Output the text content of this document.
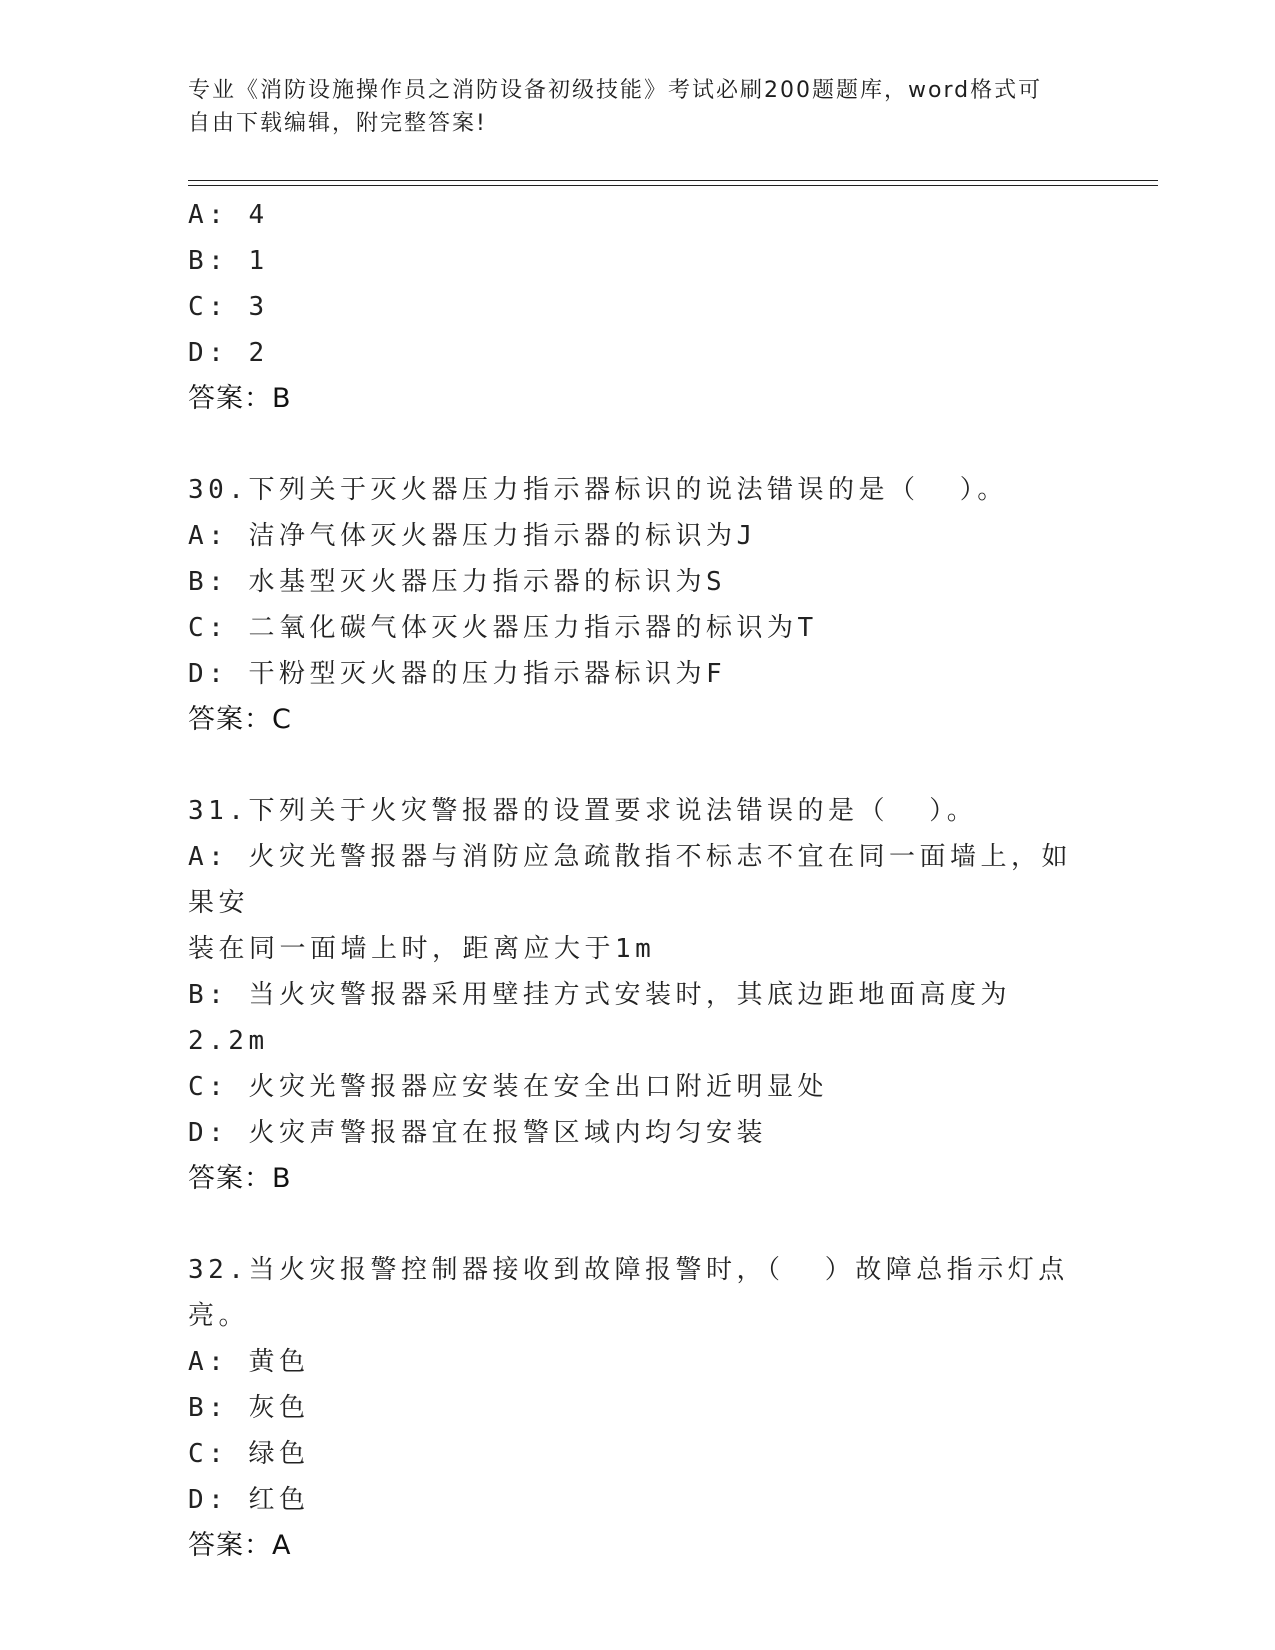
专业《消防设施操作员之消防设备初级技能》考试必刷200题题库，word格式可
自由下载编辑，附完整答案!
A: 4
B: 1
C: 3
D: 2
答案：B
30.下列关于灭火器压力指示器标识的说法错误的是（  ）。
A: 洁净气体灭火器压力指示器的标识为J
B: 水基型灭火器压力指示器的标识为S
C: 二氧化碳气体灭火器压力指示器的标识为T
D: 干粉型灭火器的压力指示器标识为F
答案：C
31.下列关于火灾警报器的设置要求说法错误的是（  ）。
A: 火灾光警报器与消防应急疏散指不标志不宜在同一面墙上，如果安
装在同一面墙上时，距离应大于1m
B: 当火灾警报器采用壁挂方式安装时，其底边距地面高度为2.2m
C: 火灾光警报器应安装在安全出口附近明显处
D: 火灾声警报器宜在报警区域内均匀安装
答案：B
32.当火灾报警控制器接收到故障报警时，（  ）故障总指示灯点亮。
A: 黄色
B: 灰色
C: 绿色
D: 红色
答案：A
